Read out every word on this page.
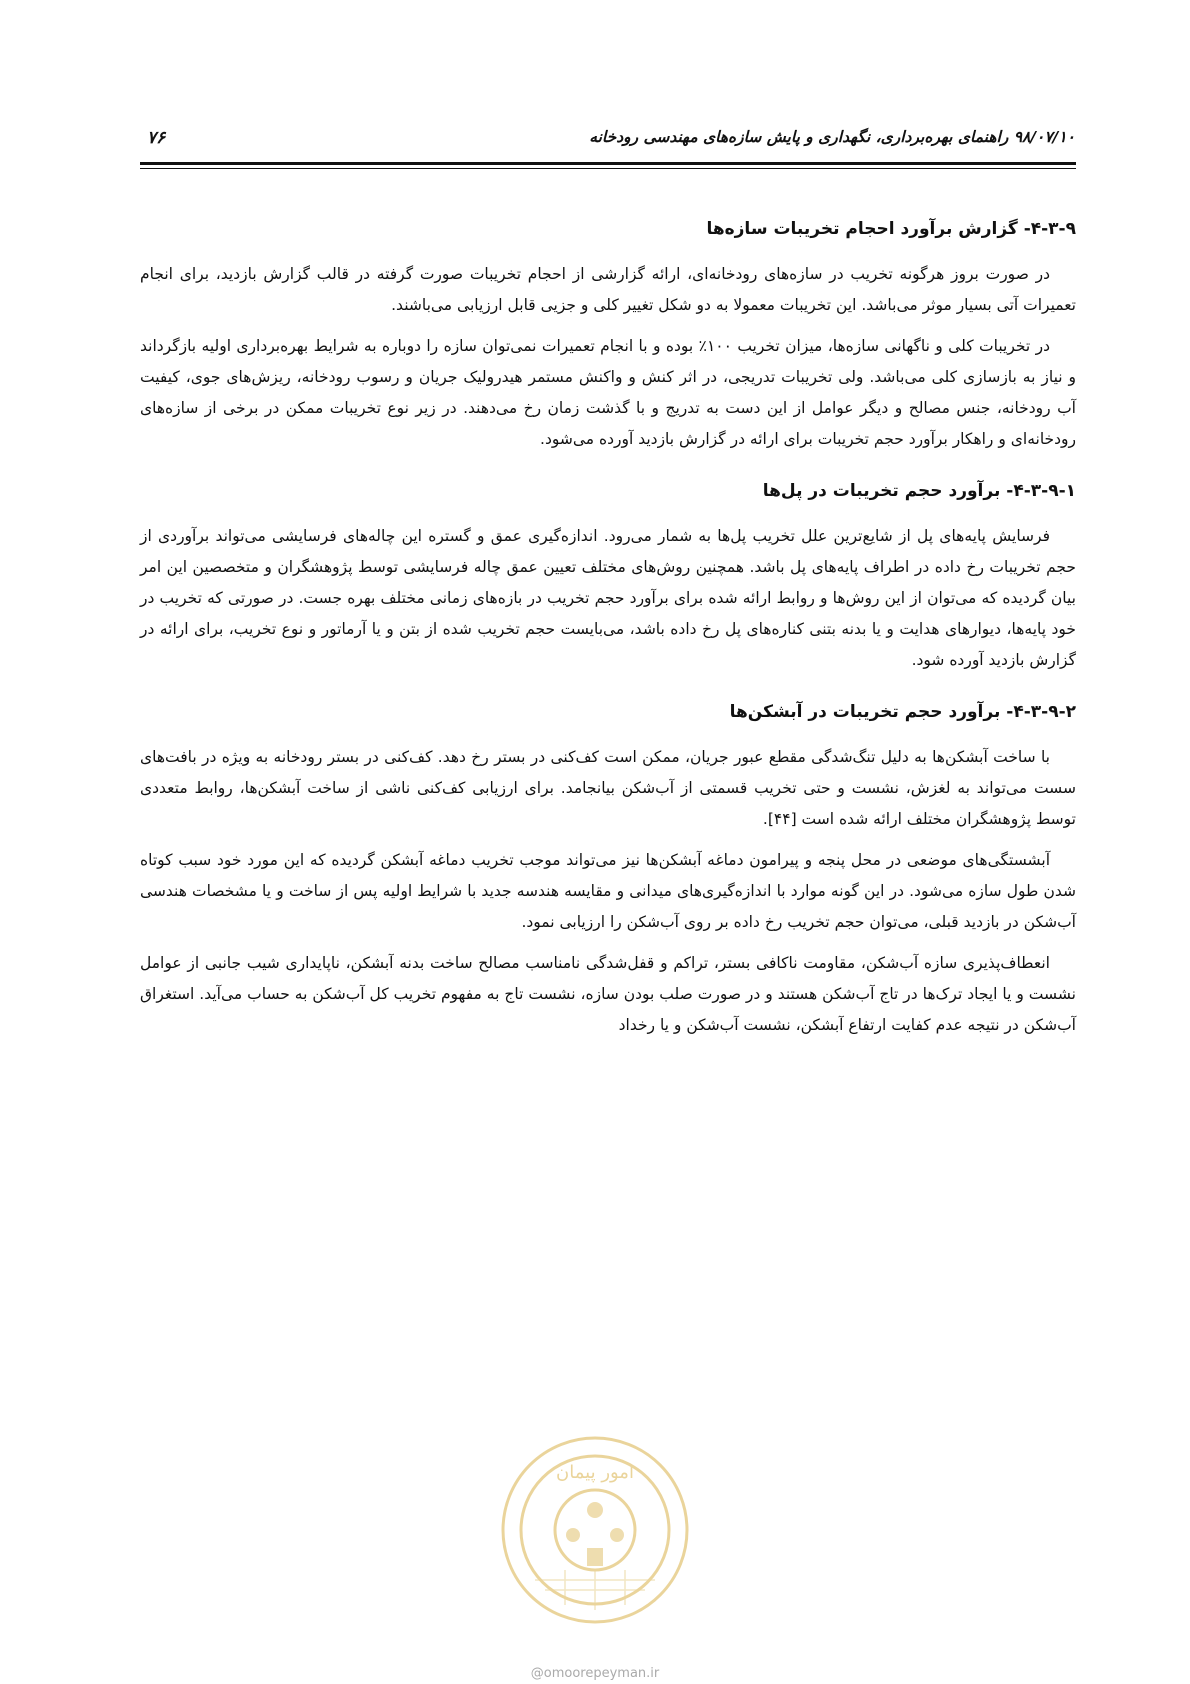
۹۸/۰۷/۱۰ راهنمای بهره‌برداری، نگهداری و پایش سازه‌های مهندسی رودخانه
۷۶
۴-۳-۹- گزارش برآورد احجام تخریبات سازه‌ها

در صورت بروز هرگونه تخریب در سازه‌های رودخانه‌ای، ارائه گزارشی از احجام تخریبات صورت گرفته در قالب گزارش بازدید، برای انجام تعمیرات آتی بسیار موثر می‌باشد. این تخریبات معمولا به دو شکل تغییر کلی و جزیی قابل ارزیابی می‌باشند.

در تخریبات کلی و ناگهانی سازه‌ها، میزان تخریب ۱۰۰٪ بوده و با انجام تعمیرات نمی‌توان سازه را دوباره به شرایط بهره‌برداری اولیه بازگرداند و نیاز به بازسازی کلی می‌باشد. ولی تخریبات تدریجی، در اثر کنش و واکنش مستمر هیدرولیک جریان و رسوب رودخانه، ریزش‌های جوی، کیفیت آب رودخانه، جنس مصالح و دیگر عوامل از این دست به تدریج و با گذشت زمان رخ می‌دهند. در زیر نوع تخریبات ممکن در برخی از سازه‌های رودخانه‌ای و راهکار برآورد حجم تخریبات برای ارائه در گزارش بازدید آورده می‌شود.

۴-۳-۹-۱- برآورد حجم تخریبات در پل‌ها

فرسایش پایه‌های پل از شایع‌ترین علل تخریب پل‌ها به شمار می‌رود. اندازه‌گیری عمق و گستره این چاله‌های فرسایشی می‌تواند برآوردی از حجم تخریبات رخ داده در اطراف پایه‌های پل باشد. همچنین روش‌های مختلف تعیین عمق چاله فرسایشی توسط پژوهشگران و متخصصین این امر بیان گردیده که می‌توان از این روش‌ها و روابط ارائه شده برای برآورد حجم تخریب در بازه‌های زمانی مختلف بهره جست. در صورتی که تخریب در خود پایه‌ها، دیوارهای هدایت و یا بدنه بتنی کناره‌های پل رخ داده باشد، می‌بایست حجم تخریب شده از بتن و یا آرماتور و نوع تخریب، برای ارائه در گزارش بازدید آورده شود.

۴-۳-۹-۲- برآورد حجم تخریبات در آبشکن‌ها

با ساخت آبشکن‌ها به دلیل تنگ‌شدگی مقطع عبور جریان، ممکن است کف‌کنی در بستر رخ دهد. کف‌کنی در بستر رودخانه به ویژه در بافت‌های سست می‌تواند به لغزش، نشست و حتی تخریب قسمتی از آب‌شکن بیانجامد. برای ارزیابی کف‌کنی ناشی از ساخت آبشکن‌ها، روابط متعددی توسط پژوهشگران مختلف ارائه شده است [۴۴].

آبشستگی‌های موضعی در محل پنجه و پیرامون دماغه آبشکن‌ها نیز می‌تواند موجب تخریب دماغه آبشکن گردیده که این مورد خود سبب کوتاه شدن طول سازه می‌شود. در این گونه موارد با اندازه‌گیری‌های میدانی و مقایسه هندسه جدید با شرایط اولیه پس از ساخت و یا مشخصات هندسی آب‌شکن در بازدید قبلی، می‌توان حجم تخریب رخ داده بر روی آب‌شکن را ارزیابی نمود.

انعطاف‌پذیری سازه آب‌شکن، مقاومت ناکافی بستر، تراکم و قفل‌شدگی نامناسب مصالح ساخت بدنه آبشکن، ناپایداری شیب جانبی از عوامل نشست و یا ایجاد ترک‌ها در تاج آب‌شکن هستند و در صورت صلب بودن سازه، نشست تاج به مفهوم تخریب کل آب‌شکن به حساب می‌آید. استغراق آب‌شکن در نتیجه عدم کفایت ارتفاع آبشکن، نشست آب‌شکن و یا رخداد

امور پیمان
@omoorepeyman.ir
